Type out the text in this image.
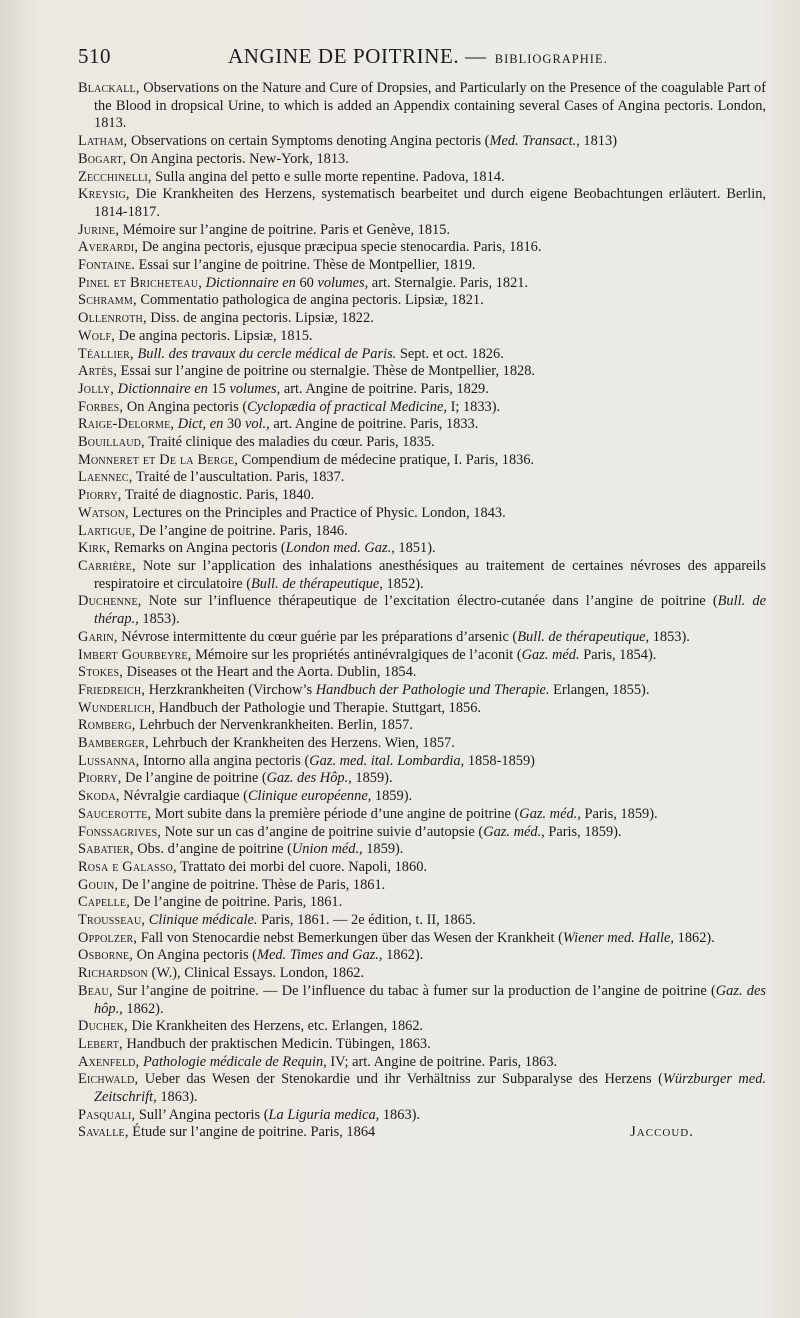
510	ANGINE DE POITRINE. — BIBLIOGRAPHIE.
Blackall, Observations on the Nature and Cure of Dropsies, and Particularly on the Presence of the coagulable Part of the Blood in dropsical Urine, to which is added an Appendix containing several Cases of Angina pectoris. London, 1813.
Latham, Observations on certain Symptoms denoting Angina pectoris (Med. Transact., 1813)
Bogart, On Angina pectoris. New-York, 1813.
Zecchinelli, Sulla angina del petto e sulle morte repentine. Padova, 1814.
Kreysig, Die Krankheiten des Herzens, systematisch bearbeitet und durch eigene Beobachtungen erläutert. Berlin, 1814-1817.
Jurine, Mémoire sur l’angine de poitrine. Paris et Genève, 1815.
Averardi, De angina pectoris, ejusque præcipua specie stenocardia. Paris, 1816.
Fontaine. Essai sur l’angine de poitrine. Thèse de Montpellier, 1819.
Pinel et Bricheteau, Dictionnaire en 60 volumes, art. Sternalgie. Paris, 1821.
Schramm, Commentatio pathologica de angina pectoris. Lipsiæ, 1821.
Ollenroth, Diss. de angina pectoris. Lipsiæ, 1822.
Wolf, De angina pectoris. Lipsiæ, 1815.
Téallier, Bull. des travaux du cercle médical de Paris. Sept. et oct. 1826.
Artès, Essai sur l’angine de poitrine ou sternalgie. Thèse de Montpellier, 1828.
Jolly, Dictionnaire en 15 volumes, art. Angine de poitrine. Paris, 1829.
Forbes, On Angina pectoris (Cyclopædia of practical Medicine, I; 1833).
Raige-Delorme, Dict, en 30 vol., art. Angine de poitrine. Paris, 1833.
Bouillaud, Traité clinique des maladies du cœur. Paris, 1835.
Monneret et De la Berge, Compendium de médecine pratique, I. Paris, 1836.
Laennec, Traité de l’auscultation. Paris, 1837.
Piorry, Traité de diagnostic. Paris, 1840.
Watson, Lectures on the Principles and Practice of Physic. London, 1843.
Lartigue, De l’angine de poitrine. Paris, 1846.
Kirk, Remarks on Angina pectoris (London med. Gaz., 1851).
Carrière, Note sur l’application des inhalations anesthésiques au traitement de certaines névroses des appareils respiratoire et circulatoire (Bull. de thérapeutique, 1852).
Duchenne, Note sur l’influence thérapeutique de l’excitation électro-cutanée dans l’angine de poitrine (Bull. de thérap., 1853).
Garin, Névrose intermittente du cœur guérie par les préparations d’arsenic (Bull. de thérapeutique, 1853).
Imbert Gourbeyre, Mémoire sur les propriétés antinévralgiques de l’aconit (Gaz. méd. Paris, 1854).
Stokes, Diseases ot the Heart and the Aorta. Dublin, 1854.
Friedreich, Herzkrankheiten (Virchow’s Handbuch der Pathologie und Therapie. Erlangen, 1855).
Wunderlich, Handbuch der Pathologie und Therapie. Stuttgart, 1856.
Romberg, Lehrbuch der Nervenkrankheiten. Berlin, 1857.
Bamberger, Lehrbuch der Krankheiten des Herzens. Wien, 1857.
Lussanna, Intorno alla angina pectoris (Gaz. med. ital. Lombardia, 1858-1859)
Piorry, De l’angine de poitrine (Gaz. des Hôp., 1859).
Skoda, Névralgie cardiaque (Clinique européenne, 1859).
Saucerotte, Mort subite dans la première période d’une angine de poitrine (Gaz. méd., Paris, 1859).
Fonssagrives, Note sur un cas d’angine de poitrine suivie d’autopsie (Gaz. méd., Paris, 1859).
Sabatier, Obs. d’angine de poitrine (Union méd., 1859).
Rosa e Galasso, Trattato dei morbi del cuore. Napoli, 1860.
Gouin, De l’angine de poitrine. Thèse de Paris, 1861.
Capelle, De l’angine de poitrine. Paris, 1861.
Trousseau, Clinique médicale. Paris, 1861. — 2e édition, t. II, 1865.
Oppolzer, Fall von Stenocardie nebst Bemerkungen über das Wesen der Krankheit (Wiener med. Halle, 1862).
Osborne, On Angina pectoris (Med. Times and Gaz., 1862).
Richardson (W.), Clinical Essays. London, 1862.
Beau, Sur l’angine de poitrine. — De l’influence du tabac à fumer sur la production de l’angine de poitrine (Gaz. des hôp., 1862).
Duchek, Die Krankheiten des Herzens, etc. Erlangen, 1862.
Lebert, Handbuch der praktischen Medicin. Tübingen, 1863.
Axenfeld, Pathologie médicale de Requin, IV; art. Angine de poitrine. Paris, 1863.
Eichwald, Ueber das Wesen der Stenokardie und ihr Verhältniss zur Subparalyse des Herzens (Würzburger med. Zeitschrift, 1863).
Pasquali, Sull’ Angina pectoris (La Liguria medica, 1863).
Savalle, Étude sur l’angine de poitrine. Paris, 1864	Jaccoud.
